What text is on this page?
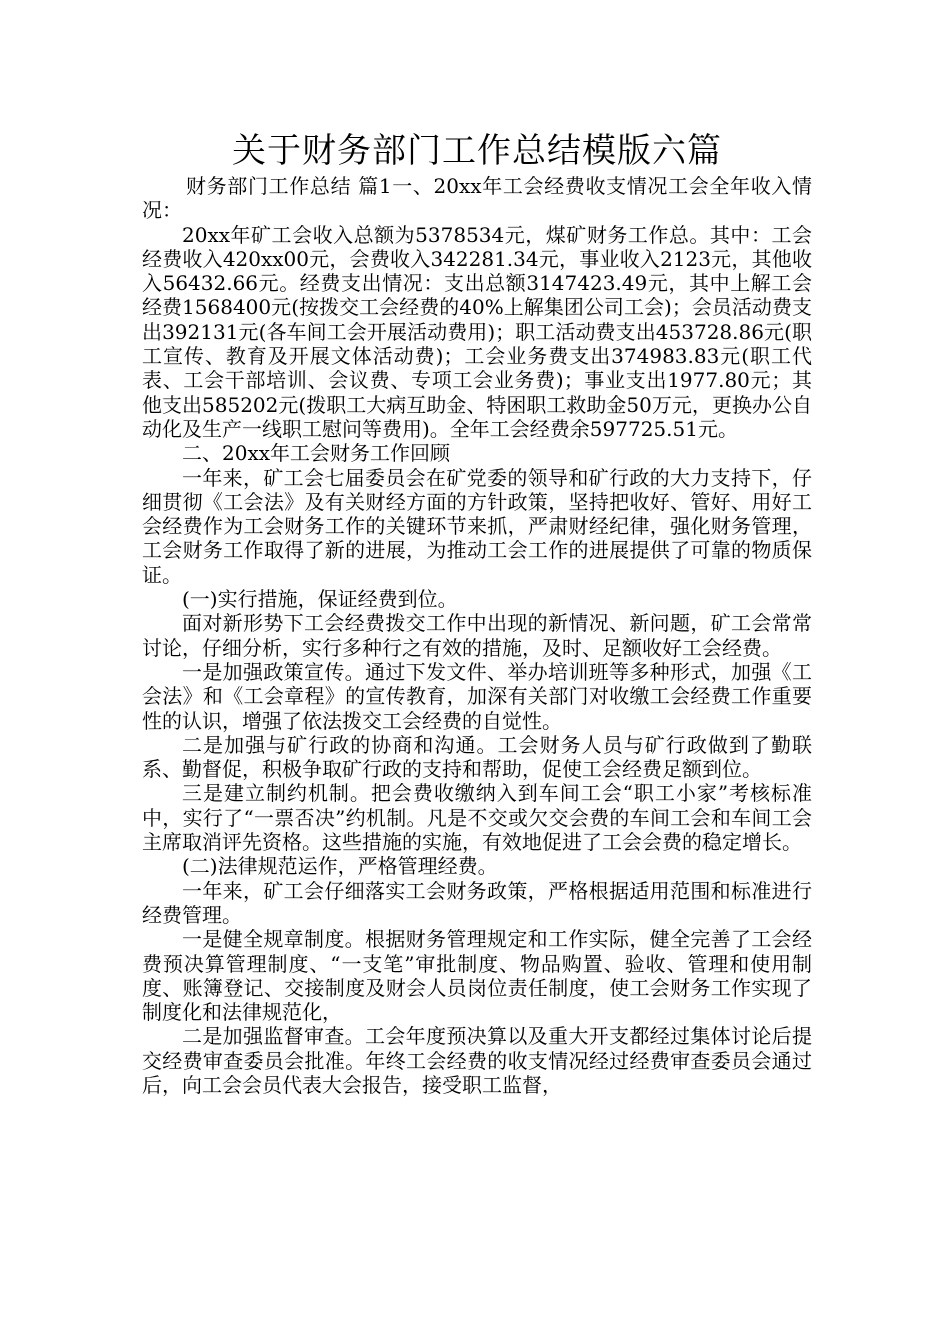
关于财务部门工作总结模版六篇

财务部门工作总结 篇1一、20xx年工会经费收支情况工会全年收入情况：

20xx年矿工会收入总额为5378534元，煤矿财务工作总。其中：工会经费收入420xx00元，会费收入342281.34元，事业收入2123元，其他收入56432.66元。经费支出情况：支出总额3147423.49元，其中上解工会经费1568400元(按拨交工会经费的40%上解集团公司工会)；会员活动费支出392131元(各车间工会开展活动费用)；职工活动费支出453728.86元(职工宣传、教育及开展文体活动费)；工会业务费支出374983.83元(职工代表、工会干部培训、会议费、专项工会业务费)；事业支出1977.80元；其他支出585202元(拨职工大病互助金、特困职工救助金50万元，更换办公自动化及生产一线职工慰问等费用)。全年工会经费余597725.51元。

二、20xx年工会财务工作回顾

一年来，矿工会七届委员会在矿党委的领导和矿行政的大力支持下，仔细贯彻《工会法》及有关财经方面的方针政策，坚持把收好、管好、用好工会经费作为工会财务工作的关键环节来抓，严肃财经纪律，强化财务管理，工会财务工作取得了新的进展，为推动工会工作的进展提供了可靠的物质保证。

(一)实行措施，保证经费到位。

面对新形势下工会经费拨交工作中出现的新情况、新问题，矿工会常常讨论，仔细分析，实行多种行之有效的措施，及时、足额收好工会经费。

一是加强政策宣传。通过下发文件、举办培训班等多种形式，加强《工会法》和《工会章程》的宣传教育，加深有关部门对收缴工会经费工作重要性的认识，增强了依法拨交工会经费的自觉性。

二是加强与矿行政的协商和沟通。工会财务人员与矿行政做到了勤联系、勤督促，积极争取矿行政的支持和帮助，促使工会经费足额到位。

三是建立制约机制。把会费收缴纳入到车间工会“职工小家”考核标准中，实行了“一票否决”约机制。凡是不交或欠交会费的车间工会和车间工会主席取消评先资格。这些措施的实施，有效地促进了工会会费的稳定增长。

(二)法律规范运作，严格管理经费。

一年来，矿工会仔细落实工会财务政策，严格根据适用范围和标准进行经费管理。

一是健全规章制度。根据财务管理规定和工作实际，健全完善了工会经费预决算管理制度、“一支笔”审批制度、物品购置、验收、管理和使用制度、账簿登记、交接制度及财会人员岗位责任制度，使工会财务工作实现了制度化和法律规范化，

二是加强监督审查。工会年度预决算以及重大开支都经过集体讨论后提交经费审查委员会批准。年终工会经费的收支情况经过经费审查委员会通过后，向工会会员代表大会报告，接受职工监督，
